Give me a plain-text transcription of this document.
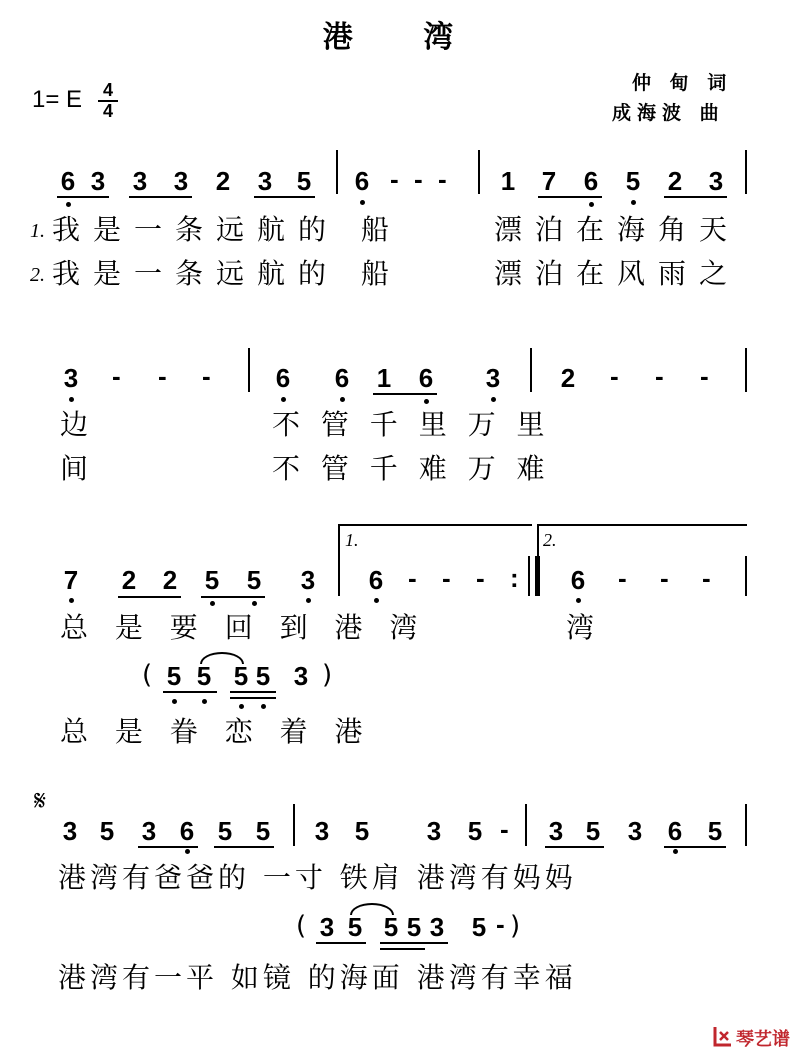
港 湾
仲 ​甸 词
成海波 曲
1= E 4
4
6 3 3 3 2 3 5 6 - - - 1 7 6 5 2 3
1. 我是一条远航的 船	漂泊在海角天
2. 我是一条远航的 船	漂泊在风雨之
3 - - -	6 6 1 6 3 2 - - -
边	不 管 千 里 万 里
间	不 管 千 难 万 难
1.	2.
7 2 2 5 5 3 6 - - - : 6 - - -
总 是 要 回 到 港 湾	湾
( 5 5 5 5 3 )
总 是 眷 恋 着 港
𝄋
3 5 3 6 5 5 3 5 3 5 - 3 5 3 6 5
港湾有爸爸的 一寸 铁肩 港湾有妈妈
( 3 5 5 5 3 5 - )
港湾有一平 如镜 的海面 港湾有幸福
琴艺谱
